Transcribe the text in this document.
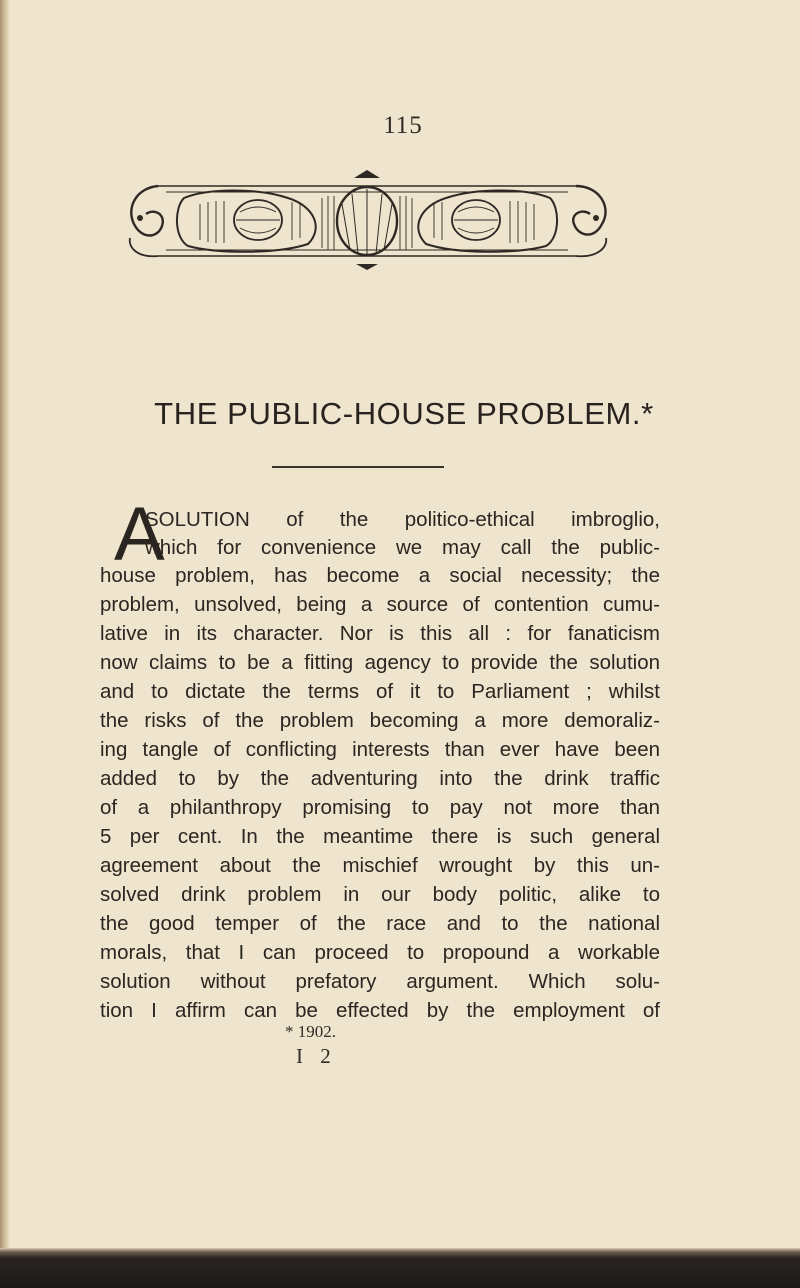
115
THE PUBLIC-HOUSE PROBLEM.*
A
SOLUTION of the politico-ethical imbroglio,
which for convenience we may call the public-
house problem, has become a social necessity; the
problem, unsolved, being a source of contention cumu-
lative in its character. Nor is this all : for fanaticism
now claims to be a fitting agency to provide the solution
and to dictate the terms of it to Parliament ; whilst
the risks of the problem becoming a more demoraliz-
ing tangle of conflicting interests than ever have been
added to by the adventuring into the drink traffic
of a philanthropy promising to pay not more than
5 per cent. In the meantime there is such general
agreement about the mischief wrought by this un-
solved drink problem in our body politic, alike to
the good temper of the race and to the national
morals, that I can proceed to propound a workable
solution without prefatory argument. Which solu-
tion I affirm can be effected by the employment of
* 1902.
I 2
